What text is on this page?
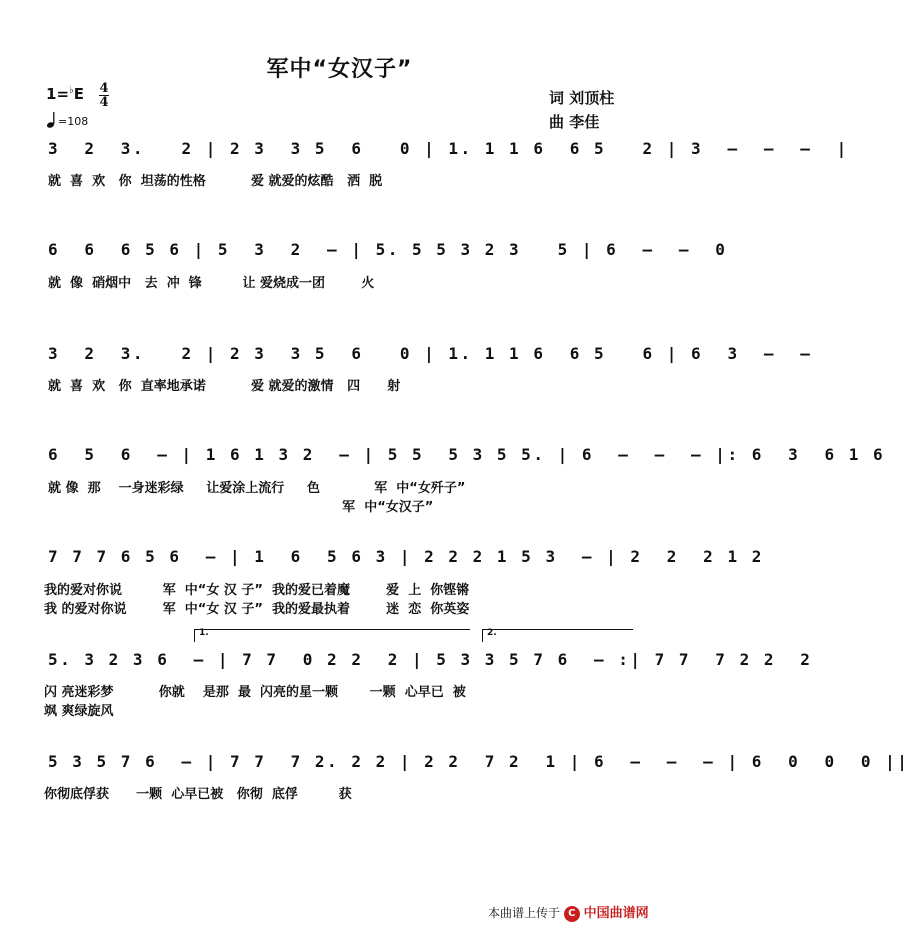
军中“女汉子”
词 刘顶柱
曲 李佳
1=♭E 4
4
=108
3  2  3.   2 | 2 3  3 5  6   0 | 1. 1 1 6  6 5   2 | 3  –  –  –  |
就  喜  欢   你  坦荡的性格          爱 就爱的炫酷   洒  脱
6  6  6 5 6 | 5  3  2  – | 5. 5 5 3 2 3   5 | 6  –  –  0
就  像  硝烟中   去  冲  锋         让 爱烧成一团        火
3  2  3.   2 | 2 3  3 5  6   0 | 1. 1 1 6  6 5   6 | 6  3  –  –
就  喜  欢   你  直率地承诺          爱 就爱的激情   四      射
6  5  6  – | 1 6 1 3 2  – | 5 5  5 3 5 5. | 6  –  –  – |: 6  3  6 1 6
就 像  那    一身迷彩绿     让爱涂上流行     色            军  中“女歼子”
军  中“女汉子”
7 7 7 6 5 6  – | 1  6  5 6 3 | 2 2 2 1 5 3  – | 2  2  2 1 2
我的爱对你说         军  中“女 汉 子”  我的爱已着魔        爱  上  你铿锵
我 的爱对你说        军  中“女 汉 子”  我的爱最执着        迷  恋  你英姿
1.	2.
5. 3 2 3 6  – | 7 7  0 2 2  2 | 5 3 3 5 7 6  – :| 7 7  7 2 2  2
闪 亮迷彩梦          你就    是那  最  闪亮的星一颗       一颗  心早已  被
飒 爽绿旋风
5 3 5 7 6  – | 7 7  7 2. 2 2 | 2 2  7 2  1 | 6  –  –  – | 6  0  0  0 ||
你彻底俘获      一颗  心早已被   你彻  底俘         获
本曲谱上传于 C 中国曲谱网
